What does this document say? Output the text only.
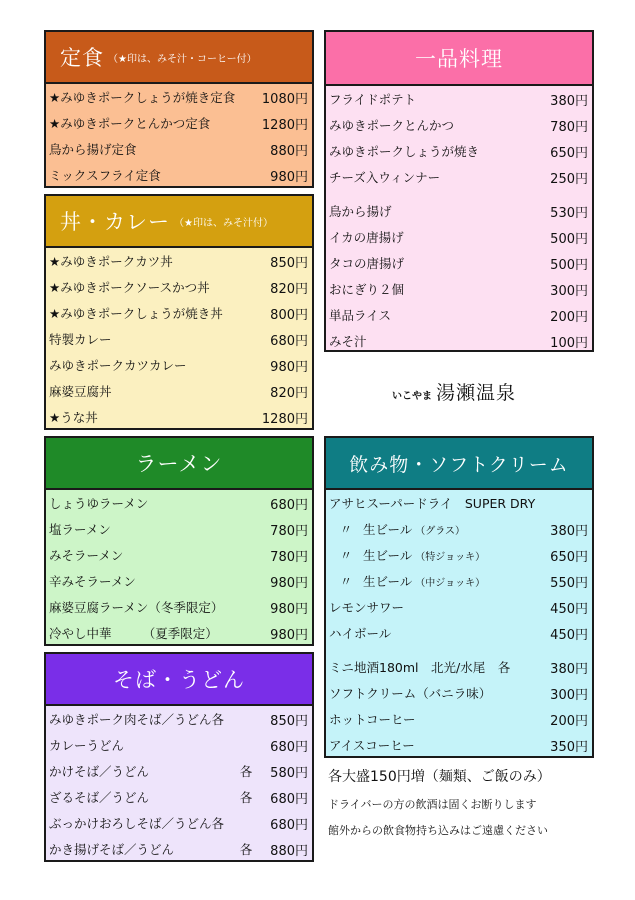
定食 （★印は、みそ汁・コーヒー付）
★みゆきポークしょうが焼き定食	1080円
★みゆきポークとんかつ定食	1280円
鳥から揚げ定食	880円
ミックスフライ定食	980円
丼・カレー （★印は、みそ汁付）
★みゆきポークカツ丼	850円
★みゆきポークソースかつ丼	820円
★みゆきポークしょうが焼き丼	800円
特製カレー	680円
みゆきポークカツカレー	980円
麻婆豆腐丼	820円
★うな丼	1280円
ラーメン
しょうゆラーメン	680円
塩ラーメン	780円
みそラーメン	780円
辛みそラーメン	980円
麻婆豆腐ラーメン（冬季限定）	980円
冷やし中華　　　（夏季限定）	980円
そば・うどん
みゆきポーク肉そば／うどん各	850円
カレーうどん	680円
かけそば／うどん	各	580円
ざるそば／うどん	各	680円
ぶっかけおろしそば／うどん各	680円
かき揚げそば／うどん	各	880円
一品料理
フライドポテト	380円
みゆきポークとんかつ	780円
みゆきポークしょうが焼き	650円
チーズ入ウィンナー	250円
鳥から揚げ	530円
イカの唐揚げ	500円
タコの唐揚げ	500円
おにぎり２個	300円
単品ライス	200円
みそ汁	100円
いこやま 湯瀬温泉
飲み物・ソフトクリーム
アサヒスーパードライ　SUPER DRY
〃 生ビール （グラス）	380円
〃 生ビール （特ジョッキ）	650円
〃 生ビール （中ジョッキ）	550円
レモンサワー	450円
ハイボール	450円
ミニ地酒180ml　北光/水尾　各	380円
ソフトクリーム（バニラ味）	300円
ホットコーヒー	200円
アイスコーヒー	350円
各大盛150円増（麺類、ご飯のみ）
ドライバーの方の飲酒は固くお断りします
館外からの飲食物持ち込みはご遠慮ください
